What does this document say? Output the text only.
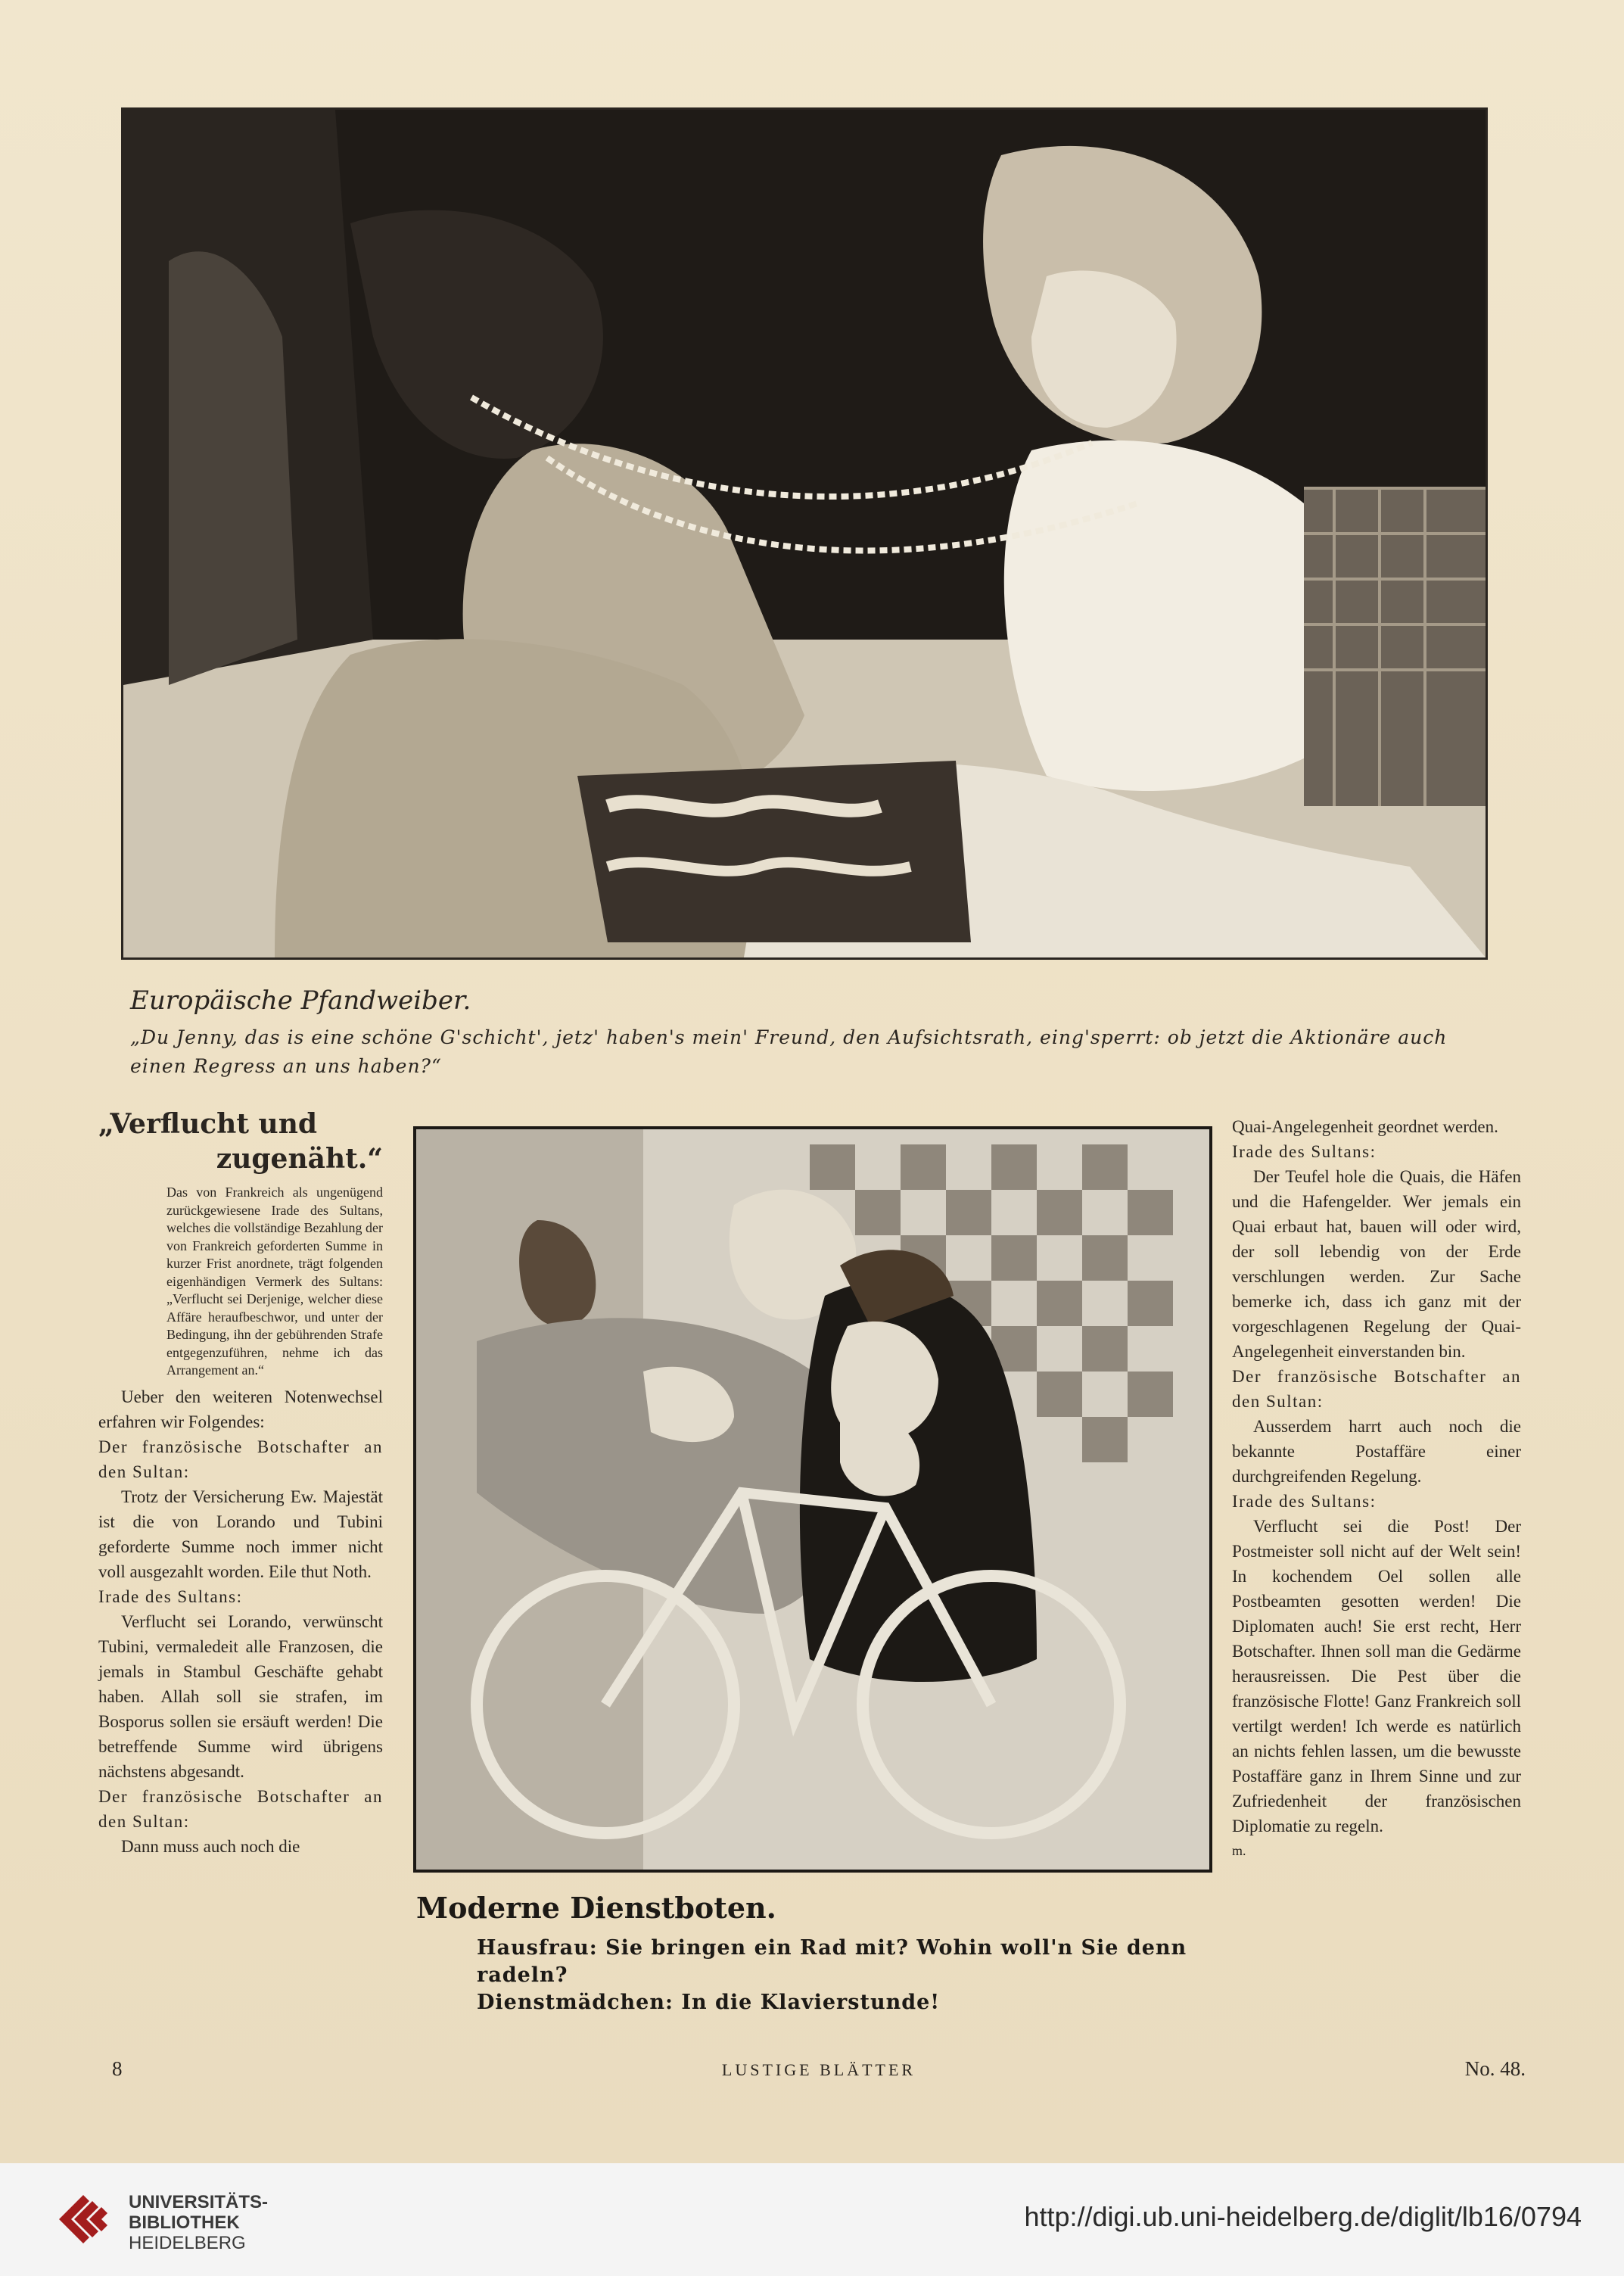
Europäische Pfandweiber.
„Du Jenny, das is eine schöne G'schicht', jetz' haben's mein' Freund, den Aufsichtsrath, eing'sperrt: ob jetzt die Aktionäre auch einen Regress an uns haben?“
„Verflucht und
zugenäht.“
Das von Frankreich als ungenügend zurückgewiesene Irade des Sultans, welches die vollständige Bezahlung der von Frankreich geforderten Summe in kurzer Frist anordnete, trägt folgenden eigenhändigen Vermerk des Sultans: „Verflucht sei Derjenige, welcher diese Affäre heraufbeschwor, und unter der Bedingung, ihn der gebührenden Strafe entgegenzuführen, nehme ich das Arrangement an.“

Ueber den weiteren Notenwechsel erfahren wir Folgendes:

Der französische Botschafter an den Sultan:

Trotz der Versicherung Ew. Majestät ist die von Lorando und Tubini geforderte Summe noch immer nicht voll ausgezahlt worden. Eile thut Noth.

Irade des Sultans:

Verflucht sei Lorando, verwünscht Tubini, vermaledeit alle Franzosen, die jemals in Stambul Geschäfte gehabt haben. Allah soll sie strafen, im Bosporus sollen sie ersäuft werden! Die betreffende Summe wird übrigens nächstens abgesandt.

Der französische Botschafter an den Sultan:

Dann muss auch noch die

Moderne Dienstboten.

Hausfrau: Sie bringen ein Rad mit? Wohin woll'n Sie denn radeln?

Dienstmädchen: In die Klavierstunde!

Quai-Angelegenheit geordnet werden.

Irade des Sultans:

Der Teufel hole die Quais, die Häfen und die Hafengelder. Wer jemals ein Quai erbaut hat, bauen will oder wird, der soll lebendig von der Erde verschlungen werden. Zur Sache bemerke ich, dass ich ganz mit der vorgeschlagenen Regelung der Quai-Angelegenheit einverstanden bin.

Der französische Botschafter an den Sultan:

Ausserdem harrt auch noch die bekannte Postaffäre einer durchgreifenden Regelung.

Irade des Sultans:

Verflucht sei die Post! Der Postmeister soll nicht auf der Welt sein! In kochendem Oel sollen alle Postbeamten gesotten werden! Die Diplomaten auch! Sie erst recht, Herr Botschafter. Ihnen soll man die Gedärme herausreissen. Die Pest über die französische Flotte! Ganz Frankreich soll vertilgt werden! Ich werde es natürlich an nichts fehlen lassen, um die bewusste Postaffäre ganz in Ihrem Sinne und zur Zufriedenheit der französischen Diplomatie zu regeln.

m.

8	LUSTIGE BLÄTTER	No. 48.
UNIVERSITÄTS-
BIBLIOTHEK
HEIDELBERG
http://digi.ub.uni-heidelberg.de/diglit/lb16/0794
